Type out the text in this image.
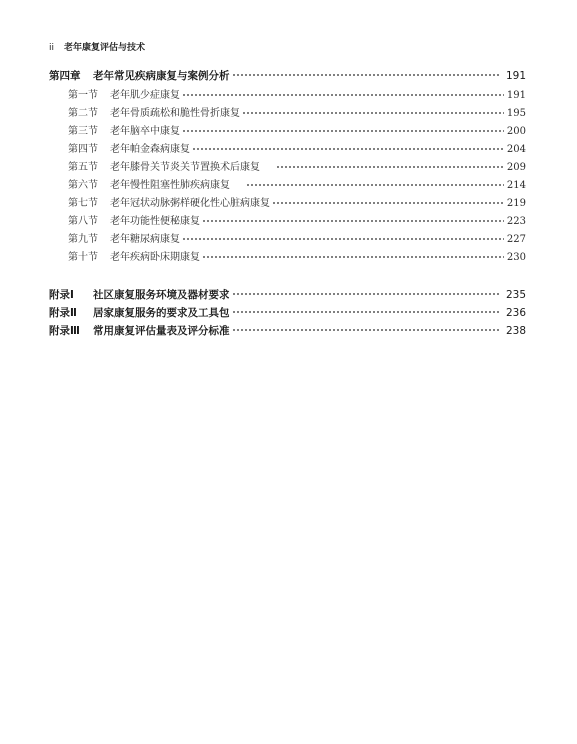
ii 老年康复评估与技术
第四章	老年常见疾病康复与案例分析	191
第一节	老年肌少症康复	191
第二节	老年骨质疏松和脆性骨折康复	195
第三节	老年脑卒中康复	200
第四节	老年帕金森病康复	204
第五节	老年膝骨关节炎关节置换术后康复	209
第六节	老年慢性阻塞性肺疾病康复	214
第七节	老年冠状动脉粥样硬化性心脏病康复	219
第八节	老年功能性便秘康复	223
第九节	老年糖尿病康复	227
第十节	老年疾病卧床期康复	230
附录Ⅰ	社区康复服务环境及器材要求	235
附录Ⅱ	居家康复服务的要求及工具包	236
附录Ⅲ	常用康复评估量表及评分标准	238
